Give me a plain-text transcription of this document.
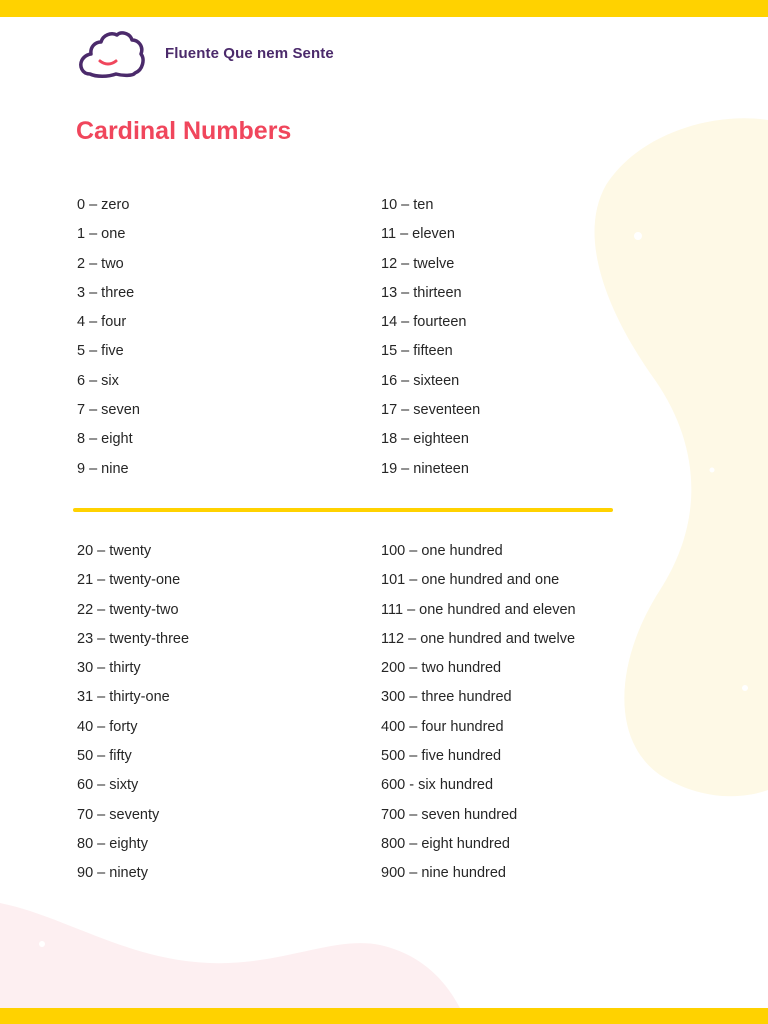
Fluente Que nem Sente
Cardinal Numbers
0 – zero
1 – one
2 – two
3 – three
4 – four
5 – five
6 – six
7 – seven
8 – eight
9 – nine
10 – ten
11 – eleven
12 – twelve
13 – thirteen
14 – fourteen
15 – fifteen
16 – sixteen
17 – seventeen
18 – eighteen
19 – nineteen
20 – twenty
21 – twenty-one
22 – twenty-two
23 – twenty-three
30 – thirty
31 – thirty-one
40 – forty
50 – fifty
60 – sixty
70 – seventy
80 – eighty
90 – ninety
100 – one hundred
101 – one hundred and one
111 – one hundred and eleven
112 – one hundred and twelve
200 – two hundred
300 – three hundred
400 – four hundred
500 – five hundred
600 - six hundred
700 – seven hundred
800 – eight hundred
900 – nine hundred
